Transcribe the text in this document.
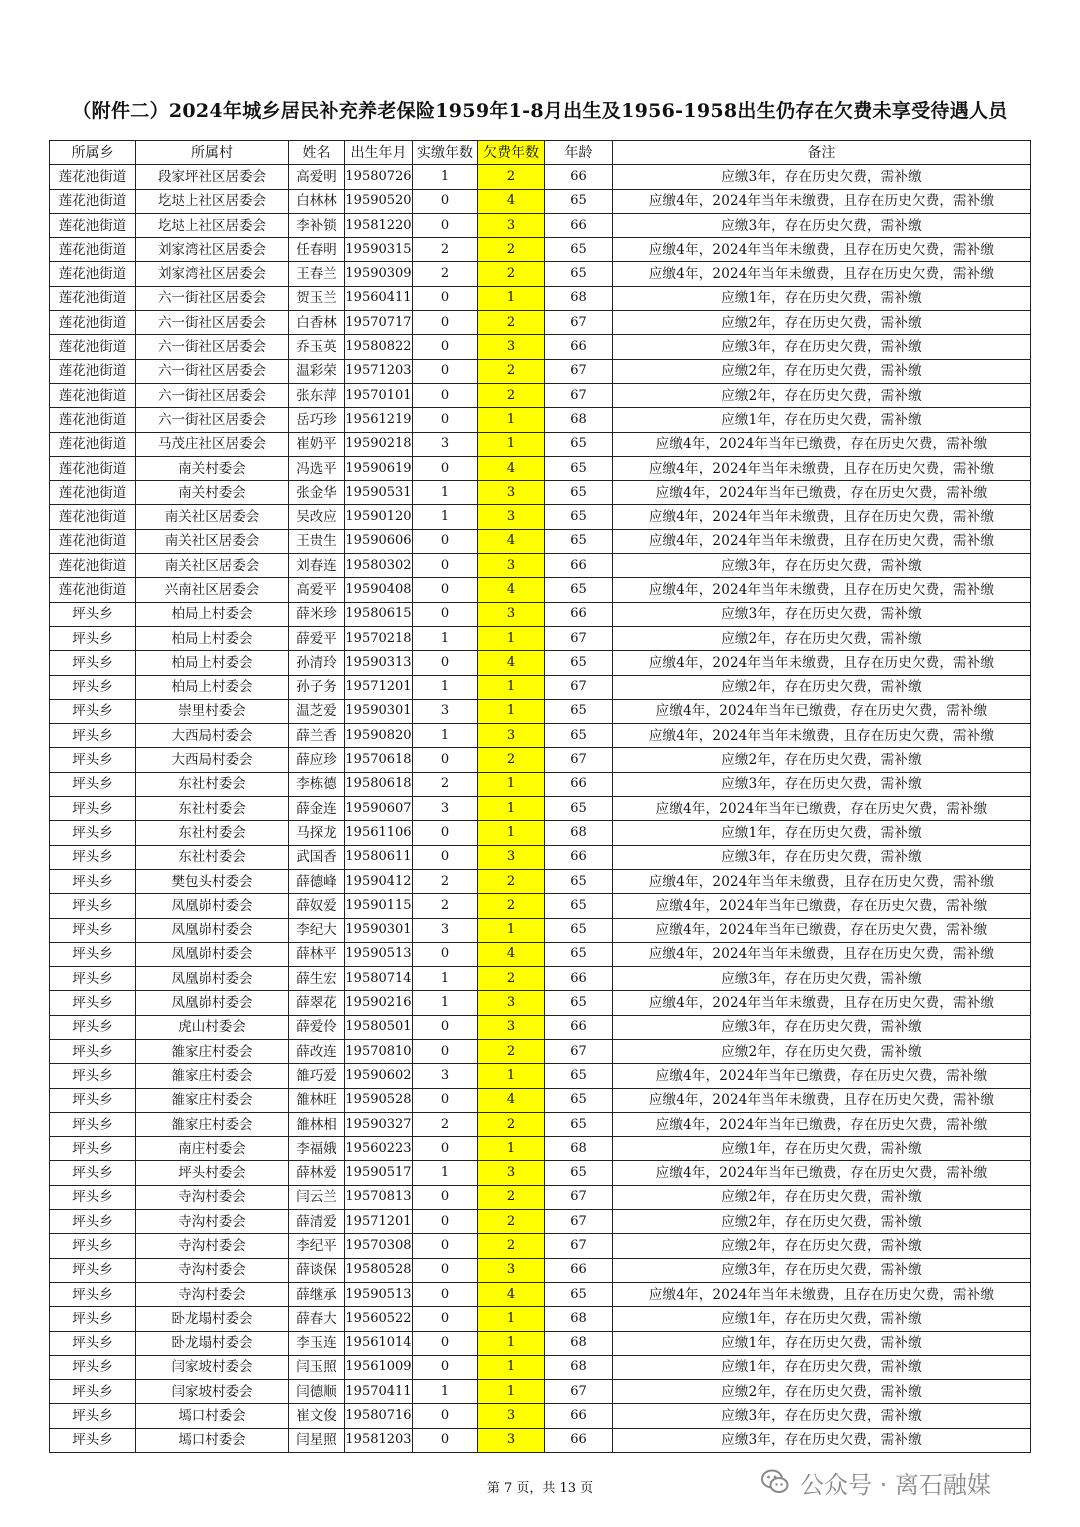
（附件二）2024年城乡居民补充养老保险1959年1-8月出生及1956-1958出生仍存在欠费未享受待遇人员
所属乡	所属村	姓名	出生年月	实缴年数	欠费年数	年龄	备注
莲花池街道	段家坪社区居委会	高爱明	19580726	1	2	66	应缴3年，存在历史欠费，需补缴
莲花池街道	圪垯上社区居委会	白林林	19590520	0	4	65	应缴4年，2024年当年未缴费，且存在历史欠费，需补缴
莲花池街道	圪垯上社区居委会	李补锁	19581220	0	3	66	应缴3年，存在历史欠费，需补缴
莲花池街道	刘家湾社区居委会	任春明	19590315	2	2	65	应缴4年，2024年当年未缴费，且存在历史欠费，需补缴
莲花池街道	刘家湾社区居委会	王春兰	19590309	2	2	65	应缴4年，2024年当年未缴费，且存在历史欠费，需补缴
莲花池街道	六一街社区居委会	贺玉兰	19560411	0	1	68	应缴1年，存在历史欠费，需补缴
莲花池街道	六一街社区居委会	白香林	19570717	0	2	67	应缴2年，存在历史欠费，需补缴
莲花池街道	六一街社区居委会	乔玉英	19580822	0	3	66	应缴3年，存在历史欠费，需补缴
莲花池街道	六一街社区居委会	温彩荣	19571203	0	2	67	应缴2年，存在历史欠费，需补缴
莲花池街道	六一街社区居委会	张东萍	19570101	0	2	67	应缴2年，存在历史欠费，需补缴
莲花池街道	六一街社区居委会	岳巧珍	19561219	0	1	68	应缴1年，存在历史欠费，需补缴
莲花池街道	马茂庄社区居委会	崔奶平	19590218	3	1	65	应缴4年，2024年当年已缴费，存在历史欠费，需补缴
莲花池街道	南关村委会	冯选平	19590619	0	4	65	应缴4年，2024年当年未缴费，且存在历史欠费，需补缴
莲花池街道	南关村委会	张金华	19590531	1	3	65	应缴4年，2024年当年已缴费，存在历史欠费，需补缴
莲花池街道	南关社区居委会	吴改应	19590120	1	3	65	应缴4年，2024年当年未缴费，且存在历史欠费，需补缴
莲花池街道	南关社区居委会	王贵生	19590606	0	4	65	应缴4年，2024年当年未缴费，且存在历史欠费，需补缴
莲花池街道	南关社区居委会	刘春连	19580302	0	3	66	应缴3年，存在历史欠费，需补缴
莲花池街道	兴南社区居委会	高爱平	19590408	0	4	65	应缴4年，2024年当年未缴费，且存在历史欠费，需补缴
坪头乡	柏局上村委会	薛米珍	19580615	0	3	66	应缴3年，存在历史欠费，需补缴
坪头乡	柏局上村委会	薛爱平	19570218	1	1	67	应缴2年，存在历史欠费，需补缴
坪头乡	柏局上村委会	孙清玲	19590313	0	4	65	应缴4年，2024年当年未缴费，且存在历史欠费，需补缴
坪头乡	柏局上村委会	孙子务	19571201	1	1	67	应缴2年，存在历史欠费，需补缴
坪头乡	崇里村委会	温芝爱	19590301	3	1	65	应缴4年，2024年当年已缴费，存在历史欠费，需补缴
坪头乡	大西局村委会	薛兰香	19590820	1	3	65	应缴4年，2024年当年未缴费，且存在历史欠费，需补缴
坪头乡	大西局村委会	薛应珍	19570618	0	2	67	应缴2年，存在历史欠费，需补缴
坪头乡	东社村委会	李栋德	19580618	2	1	66	应缴3年，存在历史欠费，需补缴
坪头乡	东社村委会	薛金连	19590607	3	1	65	应缴4年，2024年当年已缴费，存在历史欠费，需补缴
坪头乡	东社村委会	马探龙	19561106	0	1	68	应缴1年，存在历史欠费，需补缴
坪头乡	东社村委会	武国香	19580611	0	3	66	应缴3年，存在历史欠费，需补缴
坪头乡	樊包头村委会	薛德峰	19590412	2	2	65	应缴4年，2024年当年未缴费，且存在历史欠费，需补缴
坪头乡	凤凰峁村委会	薛奴爱	19590115	2	2	65	应缴4年，2024年当年已缴费，存在历史欠费，需补缴
坪头乡	凤凰峁村委会	李纪大	19590301	3	1	65	应缴4年，2024年当年已缴费，存在历史欠费，需补缴
坪头乡	凤凰峁村委会	薛林平	19590513	0	4	65	应缴4年，2024年当年未缴费，且存在历史欠费，需补缴
坪头乡	凤凰峁村委会	薛生宏	19580714	1	2	66	应缴3年，存在历史欠费，需补缴
坪头乡	凤凰峁村委会	薛翠花	19590216	1	3	65	应缴4年，2024年当年未缴费，且存在历史欠费，需补缴
坪头乡	虎山村委会	薛爱伶	19580501	0	3	66	应缴3年，存在历史欠费，需补缴
坪头乡	雒家庄村委会	薛改连	19570810	0	2	67	应缴2年，存在历史欠费，需补缴
坪头乡	雒家庄村委会	雒巧爱	19590602	3	1	65	应缴4年，2024年当年已缴费，存在历史欠费，需补缴
坪头乡	雒家庄村委会	雒林旺	19590528	0	4	65	应缴4年，2024年当年未缴费，且存在历史欠费，需补缴
坪头乡	雒家庄村委会	雒林相	19590327	2	2	65	应缴4年，2024年当年已缴费，存在历史欠费，需补缴
坪头乡	南庄村委会	李福娥	19560223	0	1	68	应缴1年，存在历史欠费，需补缴
坪头乡	坪头村委会	薛林爱	19590517	1	3	65	应缴4年，2024年当年已缴费，存在历史欠费，需补缴
坪头乡	寺沟村委会	闫云兰	19570813	0	2	67	应缴2年，存在历史欠费，需补缴
坪头乡	寺沟村委会	薛清爱	19571201	0	2	67	应缴2年，存在历史欠费，需补缴
坪头乡	寺沟村委会	李纪平	19570308	0	2	67	应缴2年，存在历史欠费，需补缴
坪头乡	寺沟村委会	薛谈保	19580528	0	3	66	应缴3年，存在历史欠费，需补缴
坪头乡	寺沟村委会	薛继承	19590513	0	4	65	应缴4年，2024年当年未缴费，且存在历史欠费，需补缴
坪头乡	卧龙塌村委会	薛春大	19560522	0	1	68	应缴1年，存在历史欠费，需补缴
坪头乡	卧龙塌村委会	李玉连	19561014	0	1	68	应缴1年，存在历史欠费，需补缴
坪头乡	闫家坡村委会	闫玉照	19561009	0	1	68	应缴1年，存在历史欠费，需补缴
坪头乡	闫家坡村委会	闫德顺	19570411	1	1	67	应缴2年，存在历史欠费，需补缴
坪头乡	墕口村委会	崔文俊	19580716	0	3	66	应缴3年，存在历史欠费，需补缴
坪头乡	墕口村委会	闫星照	19581203	0	3	66	应缴3年，存在历史欠费，需补缴
第 7 页，共 13 页	公众号 · 离石融媒
